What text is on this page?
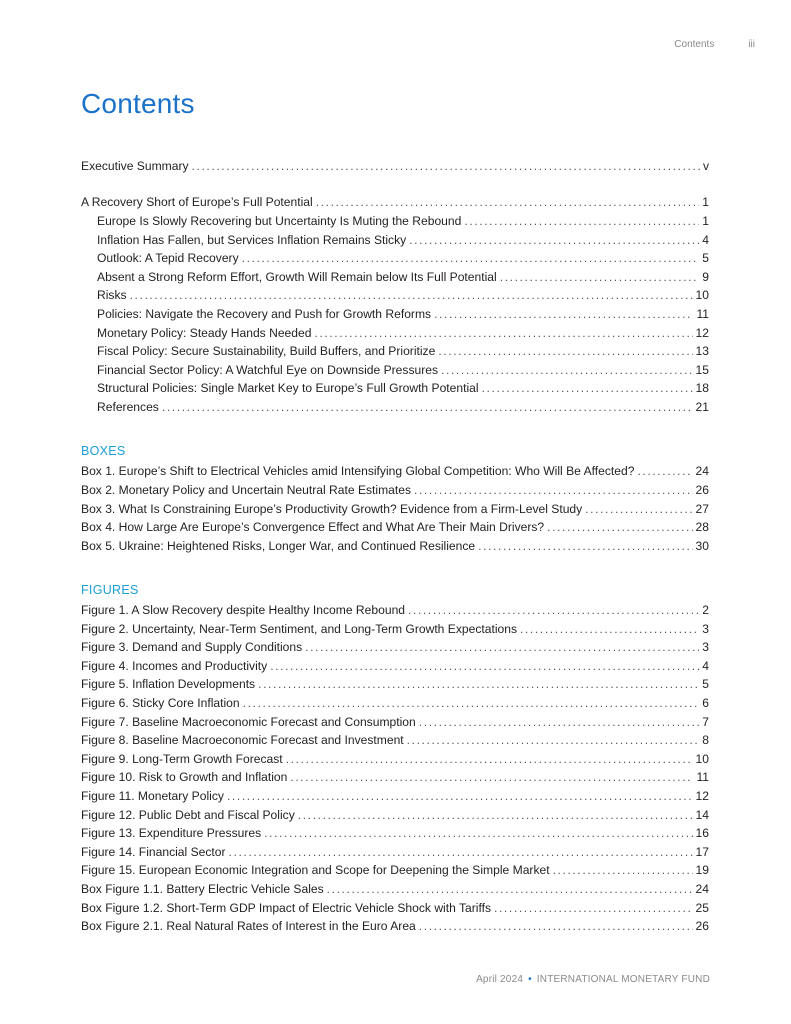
Contents	iii
Contents
Executive Summary .....	v
A Recovery Short of Europe’s Full Potential .....	1
Europe Is Slowly Recovering but Uncertainty Is Muting the Rebound .....	1
Inflation Has Fallen, but Services Inflation Remains Sticky .....	4
Outlook: A Tepid Recovery .....	5
Absent a Strong Reform Effort, Growth Will Remain below Its Full Potential .....	9
Risks .....	10
Policies: Navigate the Recovery and Push for Growth Reforms .....	11
Monetary Policy: Steady Hands Needed .....	12
Fiscal Policy: Secure Sustainability, Build Buffers, and Prioritize .....	13
Financial Sector Policy: A Watchful Eye on Downside Pressures .....	15
Structural Policies: Single Market Key to Europe’s Full Growth Potential .....	18
References .....	21
BOXES
Box 1. Europe’s Shift to Electrical Vehicles amid Intensifying Global Competition: Who Will Be Affected? .....	24
Box 2. Monetary Policy and Uncertain Neutral Rate Estimates .....	26
Box 3. What Is Constraining Europe’s Productivity Growth? Evidence from a Firm-Level Study .....	27
Box 4. How Large Are Europe’s Convergence Effect and What Are Their Main Drivers? .....	28
Box 5. Ukraine: Heightened Risks, Longer War, and Continued Resilience .....	30
FIGURES
Figure 1. A Slow Recovery despite Healthy Income Rebound .....	2
Figure 2. Uncertainty, Near-Term Sentiment, and Long-Term Growth Expectations .....	3
Figure 3. Demand and Supply Conditions .....	3
Figure 4. Incomes and Productivity .....	4
Figure 5. Inflation Developments .....	5
Figure 6. Sticky Core Inflation .....	6
Figure 7. Baseline Macroeconomic Forecast and Consumption .....	7
Figure 8. Baseline Macroeconomic Forecast and Investment .....	8
Figure 9. Long-Term Growth Forecast .....	10
Figure 10. Risk to Growth and Inflation .....	11
Figure 11. Monetary Policy .....	12
Figure 12. Public Debt and Fiscal Policy .....	14
Figure 13. Expenditure Pressures .....	16
Figure 14. Financial Sector .....	17
Figure 15. European Economic Integration and Scope for Deepening the Simple Market .....	19
Box Figure 1.1. Battery Electric Vehicle Sales .....	24
Box Figure 1.2. Short-Term GDP Impact of Electric Vehicle Shock with Tariffs .....	25
Box Figure 2.1. Real Natural Rates of Interest in the Euro Area .....	26
April 2024 • INTERNATIONAL MONETARY FUND
